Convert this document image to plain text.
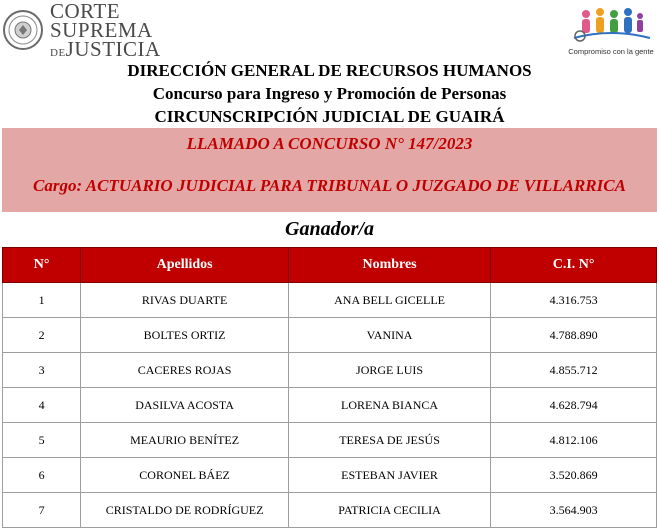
CORTE
SUPREMA
DEJUSTICIA	Compromiso con la gente
DIRECCIÓN GENERAL DE RECURSOS HUMANOS
Concurso para Ingreso y Promoción de Personas
CIRCUNSCRIPCIÓN JUDICIAL DE GUAIRÁ
LLAMADO A CONCURSO N° 147/2023
Cargo: ACTUARIO JUDICIAL PARA TRIBUNAL O JUZGADO DE VILLARRICA
Ganador/a
N°	Apellidos	Nombres	C.I. N°
1	RIVAS DUARTE	ANA BELL GICELLE	4.316.753
2	BOLTES ORTIZ	VANINA	4.788.890
3	CACERES ROJAS	JORGE LUIS	4.855.712
4	DASILVA ACOSTA	LORENA BIANCA	4.628.794
5	MEAURIO BENÍTEZ	TERESA DE JESÚS	4.812.106
6	CORONEL BÁEZ	ESTEBAN JAVIER	3.520.869
7	CRISTALDO DE RODRÍGUEZ	PATRICIA CECILIA	3.564.903
